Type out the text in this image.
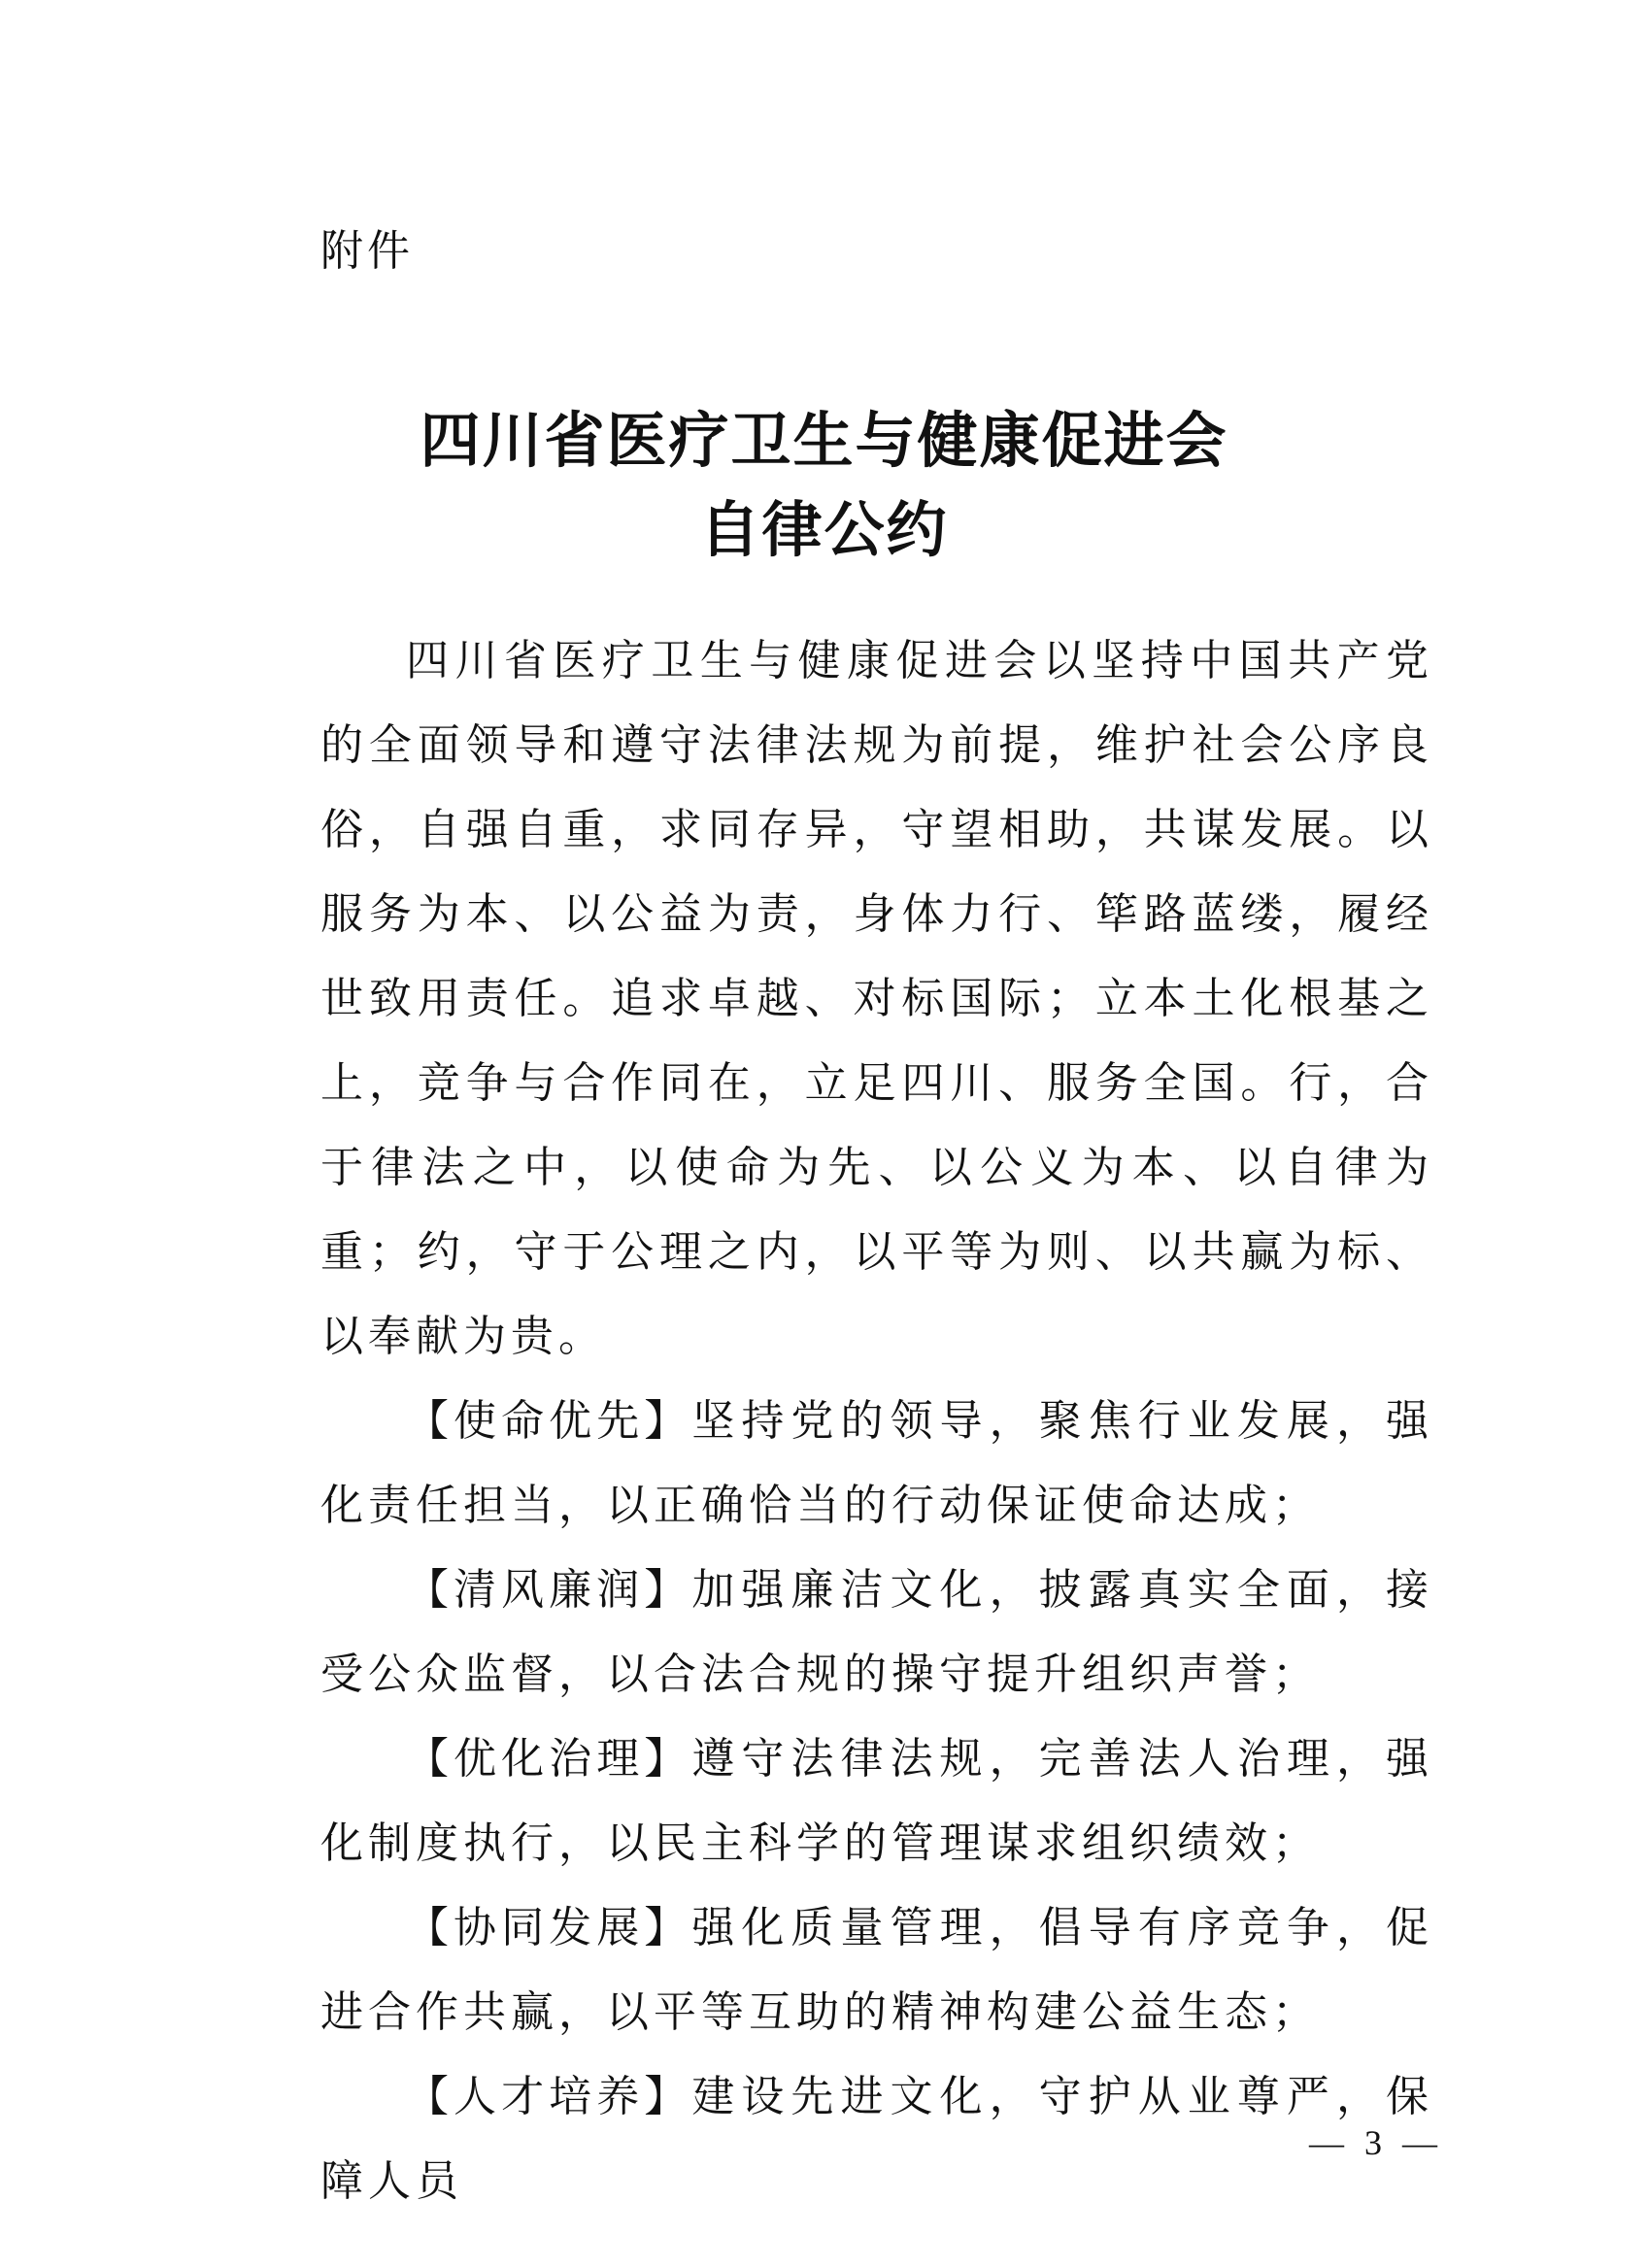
附件
四川省医疗卫生与健康促进会
自律公约

四川省医疗卫生与健康促进会以坚持中国共产党的全面领导和遵守法律法规为前提，维护社会公序良俗，自强自重，求同存异，守望相助，共谋发展。以服务为本、以公益为责，身体力行、筚路蓝缕，履经世致用责任。追求卓越、对标国际；立本土化根基之上，竞争与合作同在，立足四川、服务全国。行，合于律法之中，以使命为先、以公义为本、以自律为重；约，守于公理之内，以平等为则、以共赢为标、以奉献为贵。

【使命优先】坚持党的领导，聚焦行业发展，强化责任担当，以正确恰当的行动保证使命达成；

【清风廉润】加强廉洁文化，披露真实全面，接受公众监督，以合法合规的操守提升组织声誉；

【优化治理】遵守法律法规，完善法人治理，强化制度执行，以民主科学的管理谋求组织绩效；

【协同发展】强化质量管理，倡导有序竞争，促进合作共赢，以平等互助的精神构建公益生态；

【人才培养】建设先进文化，守护从业尊严，保障人员

— 3 —
